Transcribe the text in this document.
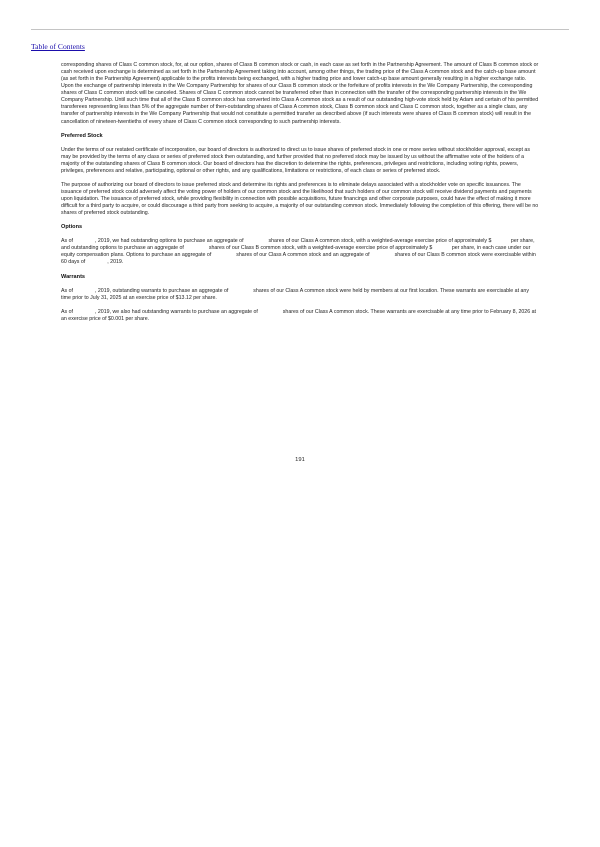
Table of Contents

corresponding shares of Class C common stock, for, at our option, shares of Class B common stock or cash, in each case as set forth in the Partnership Agreement. The amount of Class B common stock or cash received upon exchange is determined as set forth in the Partnership Agreement taking into account, among other things, the trading price of the Class A common stock and the catch-up base amount (as set forth in the Partnership Agreement) applicable to the profits interests being exchanged, with a higher trading price and lower catch-up base amount generally resulting in a higher exchange ratio. Upon the exchange of partnership interests in the We Company Partnership for shares of our Class B common stock or the forfeiture of profits interests in the We Company Partnership, the corresponding shares of Class C common stock will be canceled. Shares of Class C common stock cannot be transferred other than in connection with the transfer of the corresponding partnership interests in the We Company Partnership. Until such time that all of the Class B common stock has converted into Class A common stock as a result of our outstanding high-vote stock held by Adam and certain of his permitted transferees representing less than 5% of the aggregate number of then-outstanding shares of Class A common stock, Class B common stock and Class C common stock, together as a single class, any transfer of partnership interests in the We Company Partnership that would not constitute a permitted transfer as described above (if such interests were shares of Class B common stock) will result in the cancellation of nineteen-twentieths of every share of Class C common stock corresponding to such partnership interests.

Preferred Stock

Under the terms of our restated certificate of incorporation, our board of directors is authorized to direct us to issue shares of preferred stock in one or more series without stockholder approval, except as may be provided by the terms of any class or series of preferred stock then outstanding, and further provided that no preferred stock may be issued by us without the affirmative vote of the holders of a majority of the outstanding shares of Class B common stock. Our board of directors has the discretion to determine the rights, preferences, privileges and restrictions, including voting rights, powers, privileges, preferences and relative, participating, optional or other rights, and any qualifications, limitations or restrictions, of each class or series of preferred stock.

The purpose of authorizing our board of directors to issue preferred stock and determine its rights and preferences is to eliminate delays associated with a stockholder vote on specific issuances. The issuance of preferred stock could adversely affect the voting power of holders of our common stock and the likelihood that such holders of our common stock will receive dividend payments and payments upon liquidation. The issuance of preferred stock, while providing flexibility in connection with possible acquisitions, future financings and other corporate purposes, could have the effect of making it more difficult for a third party to acquire, or could discourage a third party from seeking to acquire, a majority of our outstanding common stock. Immediately following the completion of this offering, there will be no shares of preferred stock outstanding.

Options

As of	, 2019, we had outstanding options to purchase an aggregate of	shares of our Class A common stock, with a weighted-average exercise price of approximately $	per share, and outstanding options to purchase an aggregate of	shares of our Class B common stock, with a weighted-average exercise price of approximately $	per share, in each case under our equity compensation plans. Options to purchase an aggregate of	shares of our Class A common stock and an aggregate of	shares of our Class B common stock were exercisable within 60 days of	, 2019.

Warrants

As of	, 2019, outstanding warrants to purchase an aggregate of	shares of our Class A common stock were held by members at our first location. These warrants are exercisable at any time prior to July 31, 2025 at an exercise price of $13.12 per share.

As of	, 2019, we also had outstanding warrants to purchase an aggregate of	shares of our Class A common stock. These warrants are exercisable at any time prior to February 8, 2026 at an exercise price of $0.001 per share.

191
